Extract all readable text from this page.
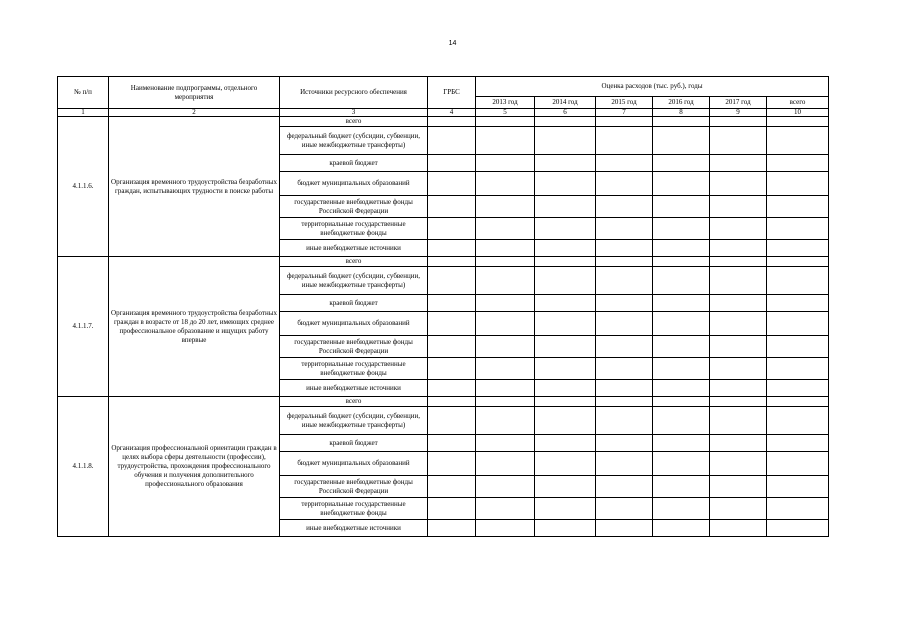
14
№ п/п	Наименование подпрограммы, отдельного мероприятия	Источники ресурсного обеспечения	ГРБС	Оценка расходов (тыс. руб.), годы					
				2013 год	2014 год	2015 год	2016 год	2017 год	всего
1	2	3	4	5	6	7	8	9	10
4.1.1.6.	Организация временного трудоустройства безработных граждан, испытывающих трудности в поиске работы	всего							
		федеральный бюджет (субсидии, субвенции, иные межбюджетные трансферты)							
		краевой бюджет							
		бюджет муниципальных образований							
		государственные внебюджетные фонды Российской Федерации							
		территориальные государственные внебюджетные фонды							
		иные внебюджетные источники							
4.1.1.7.	Организация временного трудоустройства безработных граждан в возрасте от 18 до 20 лет, имеющих среднее профессиональное образование и ищущих работу впервые	всего							
		федеральный бюджет (субсидии, субвенции, иные межбюджетные трансферты)							
		краевой бюджет							
		бюджет муниципальных образований							
		государственные внебюджетные фонды Российской Федерации							
		территориальные государственные внебюджетные фонды							
		иные внебюджетные источники							
4.1.1.8.	Организация профессиональной ориентации граждан в целях выбора сферы деятельности (профессии), трудоустройства, прохождения профессионального обучения и получения дополнительного профессионального образования	всего							
		федеральный бюджет (субсидии, субвенции, иные межбюджетные трансферты)							
		краевой бюджет							
		бюджет муниципальных образований							
		государственные внебюджетные фонды Российской Федерации							
		территориальные государственные внебюджетные фонды							
		иные внебюджетные источники							
